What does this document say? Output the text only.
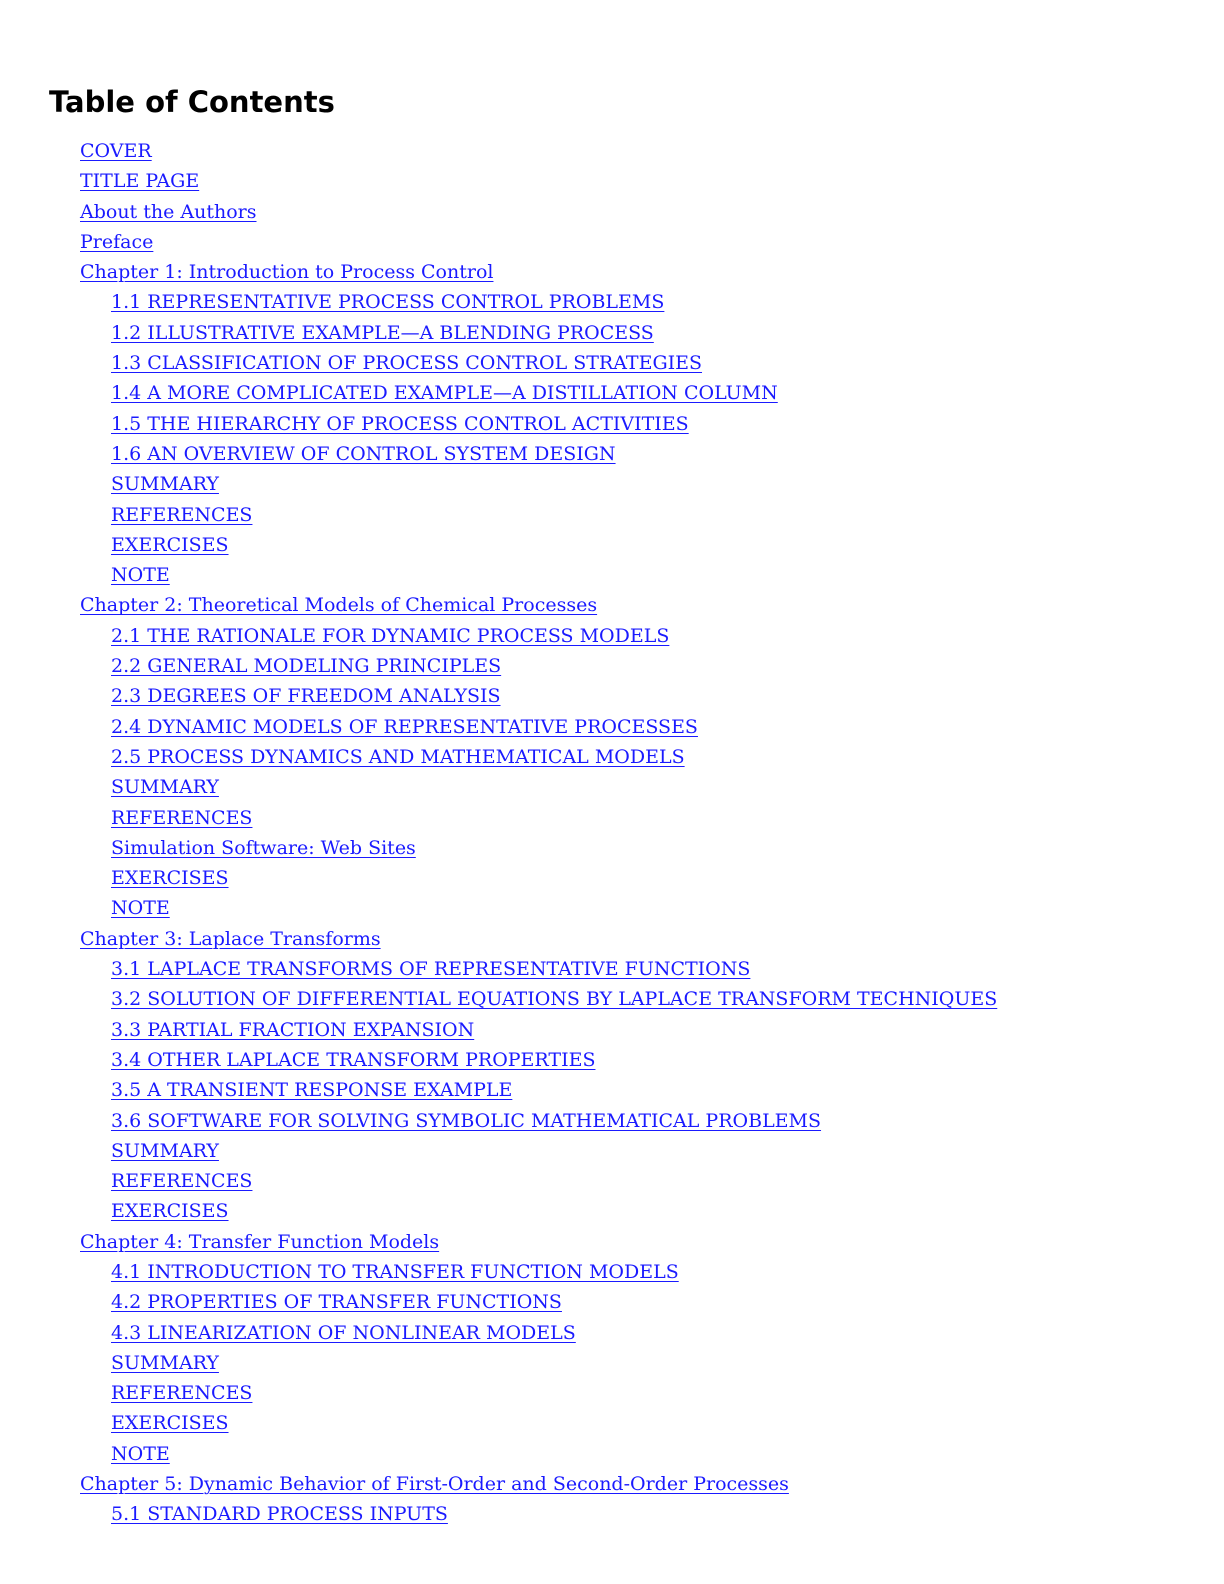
Table of Contents
COVER
TITLE PAGE
About the Authors
Preface
Chapter 1: Introduction to Process Control
1.1 REPRESENTATIVE PROCESS CONTROL PROBLEMS
1.2 ILLUSTRATIVE EXAMPLE—A BLENDING PROCESS
1.3 CLASSIFICATION OF PROCESS CONTROL STRATEGIES
1.4 A MORE COMPLICATED EXAMPLE—A DISTILLATION COLUMN
1.5 THE HIERARCHY OF PROCESS CONTROL ACTIVITIES
1.6 AN OVERVIEW OF CONTROL SYSTEM DESIGN
SUMMARY
REFERENCES
EXERCISES
NOTE
Chapter 2: Theoretical Models of Chemical Processes
2.1 THE RATIONALE FOR DYNAMIC PROCESS MODELS
2.2 GENERAL MODELING PRINCIPLES
2.3 DEGREES OF FREEDOM ANALYSIS
2.4 DYNAMIC MODELS OF REPRESENTATIVE PROCESSES
2.5 PROCESS DYNAMICS AND MATHEMATICAL MODELS
SUMMARY
REFERENCES
Simulation Software: Web Sites
EXERCISES
NOTE
Chapter 3: Laplace Transforms
3.1 LAPLACE TRANSFORMS OF REPRESENTATIVE FUNCTIONS
3.2 SOLUTION OF DIFFERENTIAL EQUATIONS BY LAPLACE TRANSFORM TECHNIQUES
3.3 PARTIAL FRACTION EXPANSION
3.4 OTHER LAPLACE TRANSFORM PROPERTIES
3.5 A TRANSIENT RESPONSE EXAMPLE
3.6 SOFTWARE FOR SOLVING SYMBOLIC MATHEMATICAL PROBLEMS
SUMMARY
REFERENCES
EXERCISES
Chapter 4: Transfer Function Models
4.1 INTRODUCTION TO TRANSFER FUNCTION MODELS
4.2 PROPERTIES OF TRANSFER FUNCTIONS
4.3 LINEARIZATION OF NONLINEAR MODELS
SUMMARY
REFERENCES
EXERCISES
NOTE
Chapter 5: Dynamic Behavior of First-Order and Second-Order Processes
5.1 STANDARD PROCESS INPUTS
